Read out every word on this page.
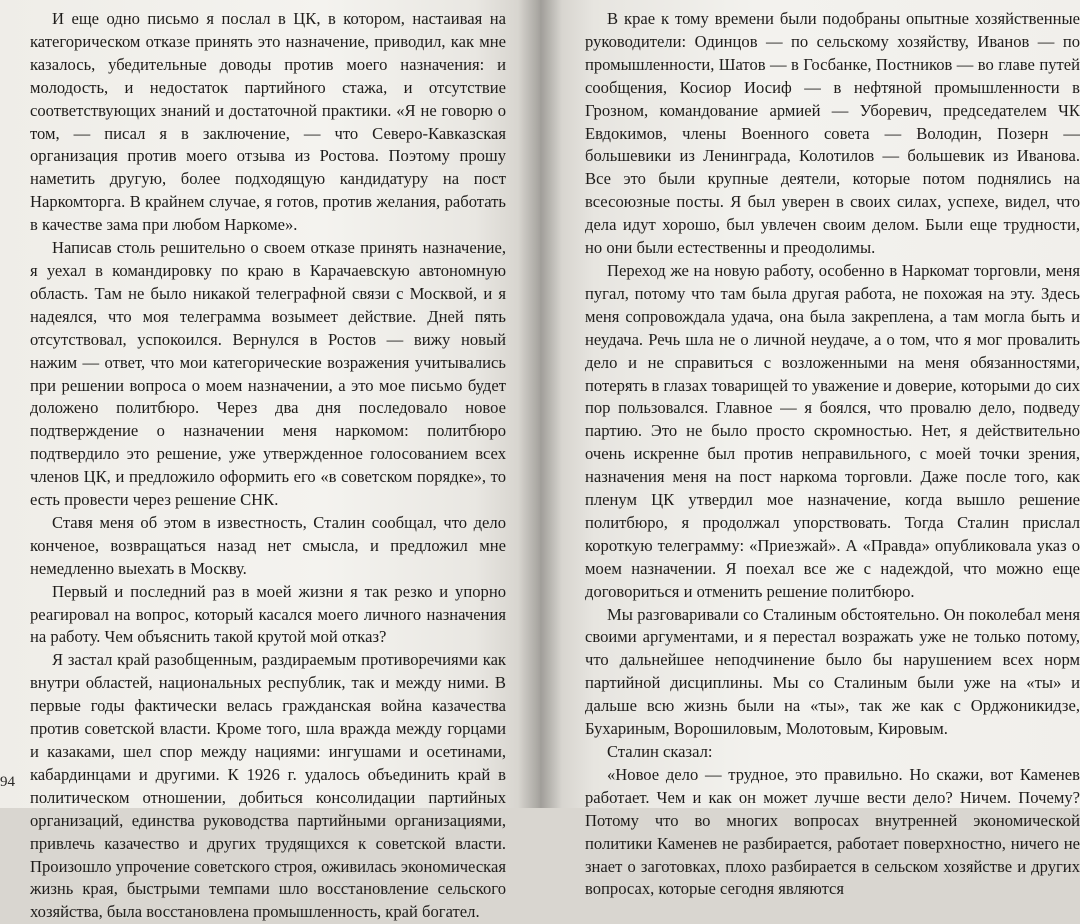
И еще одно письмо я послал в ЦК, в котором, настаивая на категорическом отказе принять это назначение, приводил, как мне казалось, убедительные доводы против моего назначения: и молодость, и недостаток партийного стажа, и отсутствие соответствующих знаний и достаточной практики. «Я не говорю о том, — писал я в заключение, — что Северо-Кавказская организация против моего отзыва из Ростова. Поэтому прошу наметить другую, более подходящую кандидатуру на пост Наркомторга. В крайнем случае, я готов, против желания, работать в качестве зама при любом Наркоме».

Написав столь решительно о своем отказе принять назначение, я уехал в командировку по краю в Карачаевскую автономную область. Там не было никакой телеграфной связи с Москвой, и я надеялся, что моя телеграмма возымеет действие. Дней пять отсутствовал, успокоился. Вернулся в Ростов — вижу новый нажим — ответ, что мои категорические возражения учитывались при решении вопроса о моем назначении, а это мое письмо будет доложено политбюро. Через два дня последовало новое подтверждение о назначении меня наркомом: политбюро подтвердило это решение, уже утвержденное голосованием всех членов ЦК, и предложило оформить его «в советском порядке», то есть провести через решение СНК.

Ставя меня об этом в известность, Сталин сообщал, что дело конченое, возвращаться назад нет смысла, и предложил мне немедленно выехать в Москву.

Первый и последний раз в моей жизни я так резко и упорно реагировал на вопрос, который касался моего личного назначения на работу. Чем объяснить такой крутой мой отказ?

Я застал край разобщенным, раздираемым противоречиями как внутри областей, национальных республик, так и между ними. В первые годы фактически велась гражданская война казачества против советской власти. Кроме того, шла вражда между горцами и казаками, шел спор между нациями: ингушами и осетинами, кабардинцами и другими. К 1926 г. удалось объединить край в политическом отношении, добиться консолидации партийных организаций, единства руководства партийными организациями, привлечь казачество и других трудящихся к советской власти. Произошло упрочение советского строя, оживилась экономическая жизнь края, быстрыми темпами шло восстановление сельского хозяйства, была восстановлена промышленность, край богател.

94

В крае к тому времени были подобраны опытные хозяйственные руководители: Одинцов — по сельскому хозяйству, Иванов — по промышленности, Шатов — в Госбанке, Постников — во главе путей сообщения, Косиор Иосиф — в нефтяной промышленности в Грозном, командование армией — Уборевич, председателем ЧК Евдокимов, члены Военного совета — Володин, Позерн — большевики из Ленинграда, Колотилов — большевик из Иванова. Все это были крупные деятели, которые потом поднялись на всесоюзные посты. Я был уверен в своих силах, успехе, видел, что дела идут хорошо, был увлечен своим делом. Были еще трудности, но они были естественны и преодолимы.

Переход же на новую работу, особенно в Наркомат торговли, меня пугал, потому что там была другая работа, не похожая на эту. Здесь меня сопровождала удача, она была закреплена, а там могла быть и неудача. Речь шла не о личной неудаче, а о том, что я мог провалить дело и не справиться с возложенными на меня обязанностями, потерять в глазах товарищей то уважение и доверие, которыми до сих пор пользовался. Главное — я боялся, что провалю дело, подведу партию. Это не было просто скромностью. Нет, я действительно очень искренне был против неправильного, с моей точки зрения, назначения меня на пост наркома торговли. Даже после того, как пленум ЦК утвердил мое назначение, когда вышло решение политбюро, я продолжал упорствовать. Тогда Сталин прислал короткую телеграмму: «Приезжай». А «Правда» опубликовала указ о моем назначении. Я поехал все же с надеждой, что можно еще договориться и отменить решение политбюро.

Мы разговаривали со Сталиным обстоятельно. Он поколебал меня своими аргументами, и я перестал возражать уже не только потому, что дальнейшее неподчинение было бы нарушением всех норм партийной дисциплины. Мы со Сталиным были уже на «ты» и дальше всю жизнь были на «ты», так же как с Орджоникидзе, Бухариным, Ворошиловым, Молотовым, Кировым.

Сталин сказал:

«Новое дело — трудное, это правильно. Но скажи, вот Каменев работает. Чем и как он может лучше вести дело? Ничем. Почему? Потому что во многих вопросах внутренней экономической политики Каменев не разбирается, работает поверхностно, ничего не знает о заготовках, плохо разбирается в сельском хозяйстве и других вопросах, которые сегодня являются
